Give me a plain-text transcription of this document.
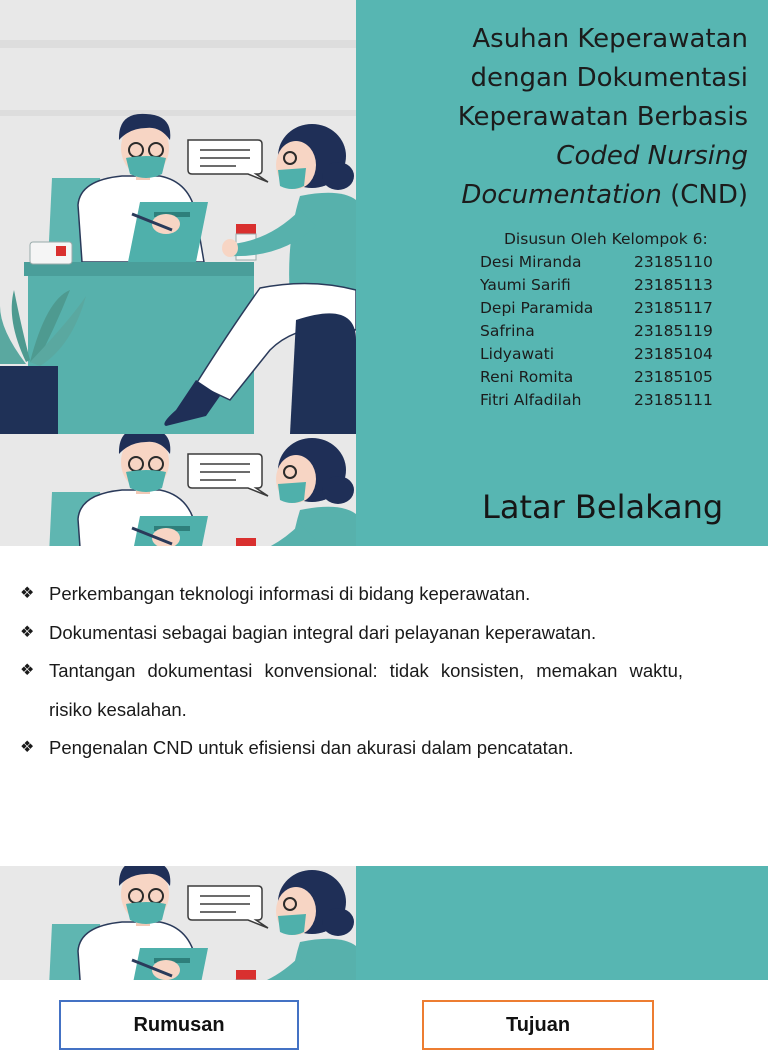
Asuhan Keperawatan
dengan Dokumentasi
Keperawatan Berbasis
Coded Nursing
Documentation (CND)
Disusun Oleh Kelompok 6:
Desi Miranda	23185110
Yaumi Sarifi	23185113
Depi Paramida	23185117
Safrina	23185119
Lidyawati	23185104
Reni Romita	23185105
Fitri Alfadilah	23185111
Latar Belakang
❖ Perkembangan teknologi informasi di bidang keperawatan.
❖ Dokumentasi sebagai bagian integral dari pelayanan keperawatan.
❖ Tantangan dokumentasi konvensional: tidak konsisten, memakan waktu, risiko kesalahan.
❖ Pengenalan CND untuk efisiensi dan akurasi dalam pencatatan.
Rumusan	Tujuan
